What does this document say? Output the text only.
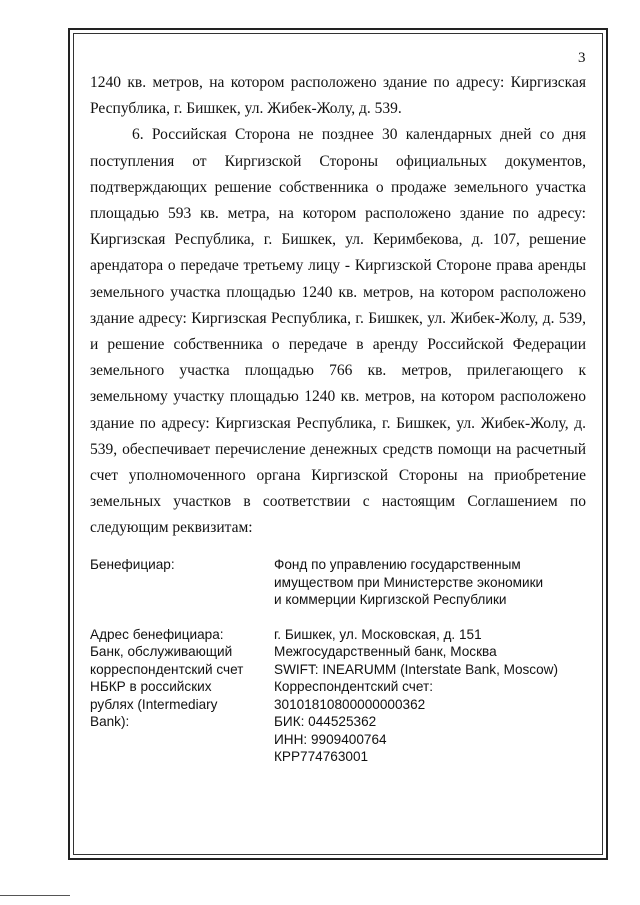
3

1240 кв. метров, на котором расположено здание по адресу: Киргизская Республика, г. Бишкек, ул. Жибек-Жолу, д. 539.

6. Российская Сторона не позднее 30 календарных дней со дня поступления от Киргизской Стороны официальных документов, подтверждающих решение собственника о продаже земельного участка площадью 593 кв. метра, на котором расположено здание по адресу: Киргизская Республика, г. Бишкек, ул. Керимбекова, д. 107, решение арендатора о передаче третьему лицу - Киргизской Стороне права аренды земельного участка площадью 1240 кв. метров, на котором расположено здание адресу: Киргизская Республика, г. Бишкек, ул. Жибек-Жолу, д. 539, и решение собственника о передаче в аренду Российской Федерации земельного участка площадью 766 кв. метров, прилегающего к земельному участку площадью 1240 кв. метров, на котором расположено здание по адресу: Киргизская Республика, г. Бишкек, ул. Жибек-Жолу, д. 539, обеспечивает перечисление денежных средств помощи на расчетный счет уполномоченного органа Киргизской Стороны на приобретение земельных участков в соответствии с настоящим Соглашением по следующим реквизитам:

Бенефициар:	Фонд по управлению государственным
имуществом при Министерстве экономики
и коммерции Киргизской Республики
Адрес бенефициара:	г. Бишкек, ул. Московская, д. 151
Банк, обслуживающий
корреспондентский счет
НБКР в российских
рублях (Intermediary
Bank):
Межгосударственный банк, Москва
SWIFT: INEARUMM (Interstate Bank, Moscow)
Корреспондентский счет:
30101810800000000362
БИК: 044525362
ИНН: 9909400764
КРР774763001
